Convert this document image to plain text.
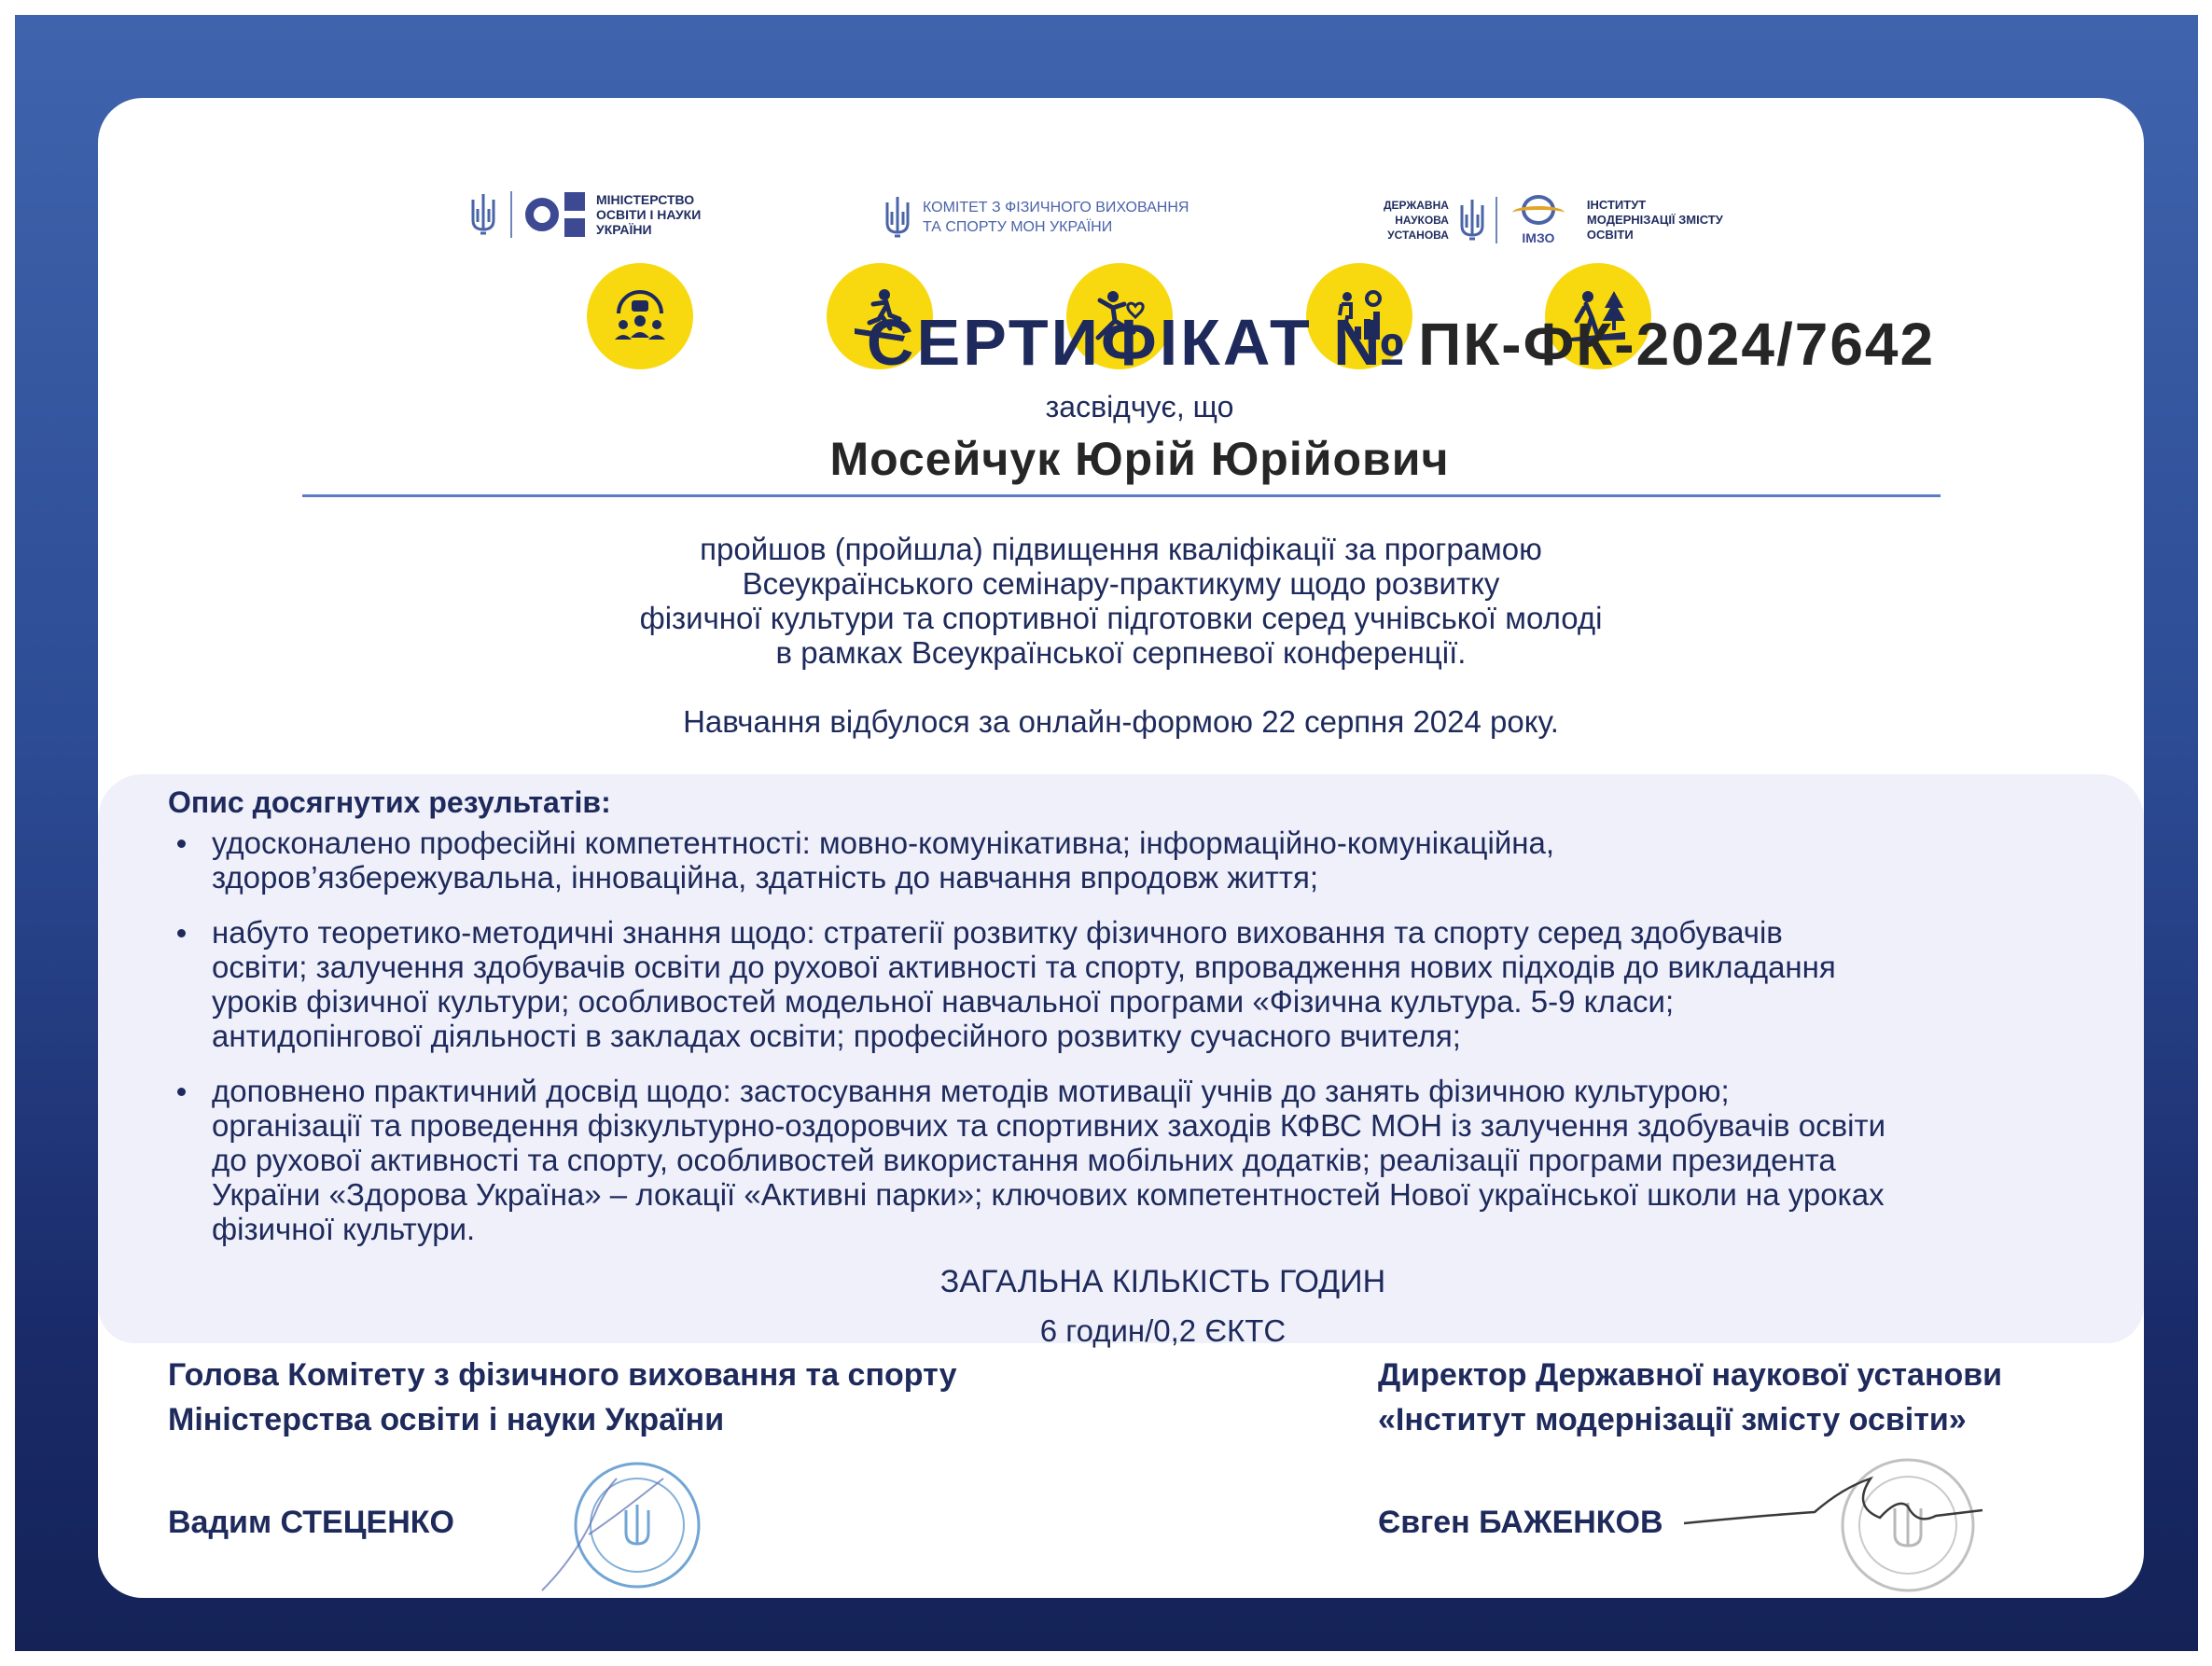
МІНІСТЕРСТВО
ОСВІТИ І НАУКИ
УКРАЇНИ
КОМІТЕТ З ФІЗИЧНОГО ВИХОВАННЯ
ТА СПОРТУ МОН УКРАЇНИ
ДЕРЖАВНА
НАУКОВА
УСТАНОВА	ІМЗО
ІНСТИТУТ
МОДЕРНІЗАЦІЇ ЗМІСТУ
ОСВІТИ
СЕРТИФІКАТ № ПК-ФК-2024/7642
засвідчує, що
Мосейчук Юрій Юрійович
пройшов (пройшла) підвищення кваліфікації за програмою
Всеукраїнського семінару-практикуму щодо розвитку
фізичної культури та спортивної підготовки серед учнівської молоді
в рамках Всеукраїнської серпневої конференції.
Навчання відбулося за онлайн-формою 22 серпня 2024 року.
Опис досягнутих результатів:
удосконалено професійні компетентності: мовно-комунікативна; інформаційно-комунікаційна,
здоров’язбережувальна, інноваційна, здатність до навчання впродовж життя;
набуто теоретико-методичні знання щодо: стратегії розвитку фізичного виховання та спорту серед здобувачів
освіти; залучення здобувачів освіти до рухової активності та спорту, впровадження нових підходів до викладання
уроків фізичної культури; особливостей модельної навчальної програми «Фізична культура. 5-9 класи;
антидопінгової діяльності в закладах освіти; професійного розвитку сучасного вчителя;
доповнено практичний досвід щодо: застосування методів мотивації учнів до занять фізичною культурою;
організації та проведення фізкультурно-оздоровчих та спортивних заходів КФВС МОН із залучення здобувачів освіти
до рухової активності та спорту, особливостей використання мобільних додатків; реалізації програми президента
України «Здорова Україна» – локації «Активні парки»; ключових компетентностей Нової української школи на уроках
фізичної культури.
ЗАГАЛЬНА КІЛЬКІСТЬ ГОДИН
6 годин/0,2 ЄКТС
Голова Комітету з фізичного виховання та спорту
Міністерства освіти і науки України
Вадим СТЕЦЕНКО
Директор Державної наукової установи
«Інститут модернізації змісту освіти»
Євген БАЖЕНКОВ
